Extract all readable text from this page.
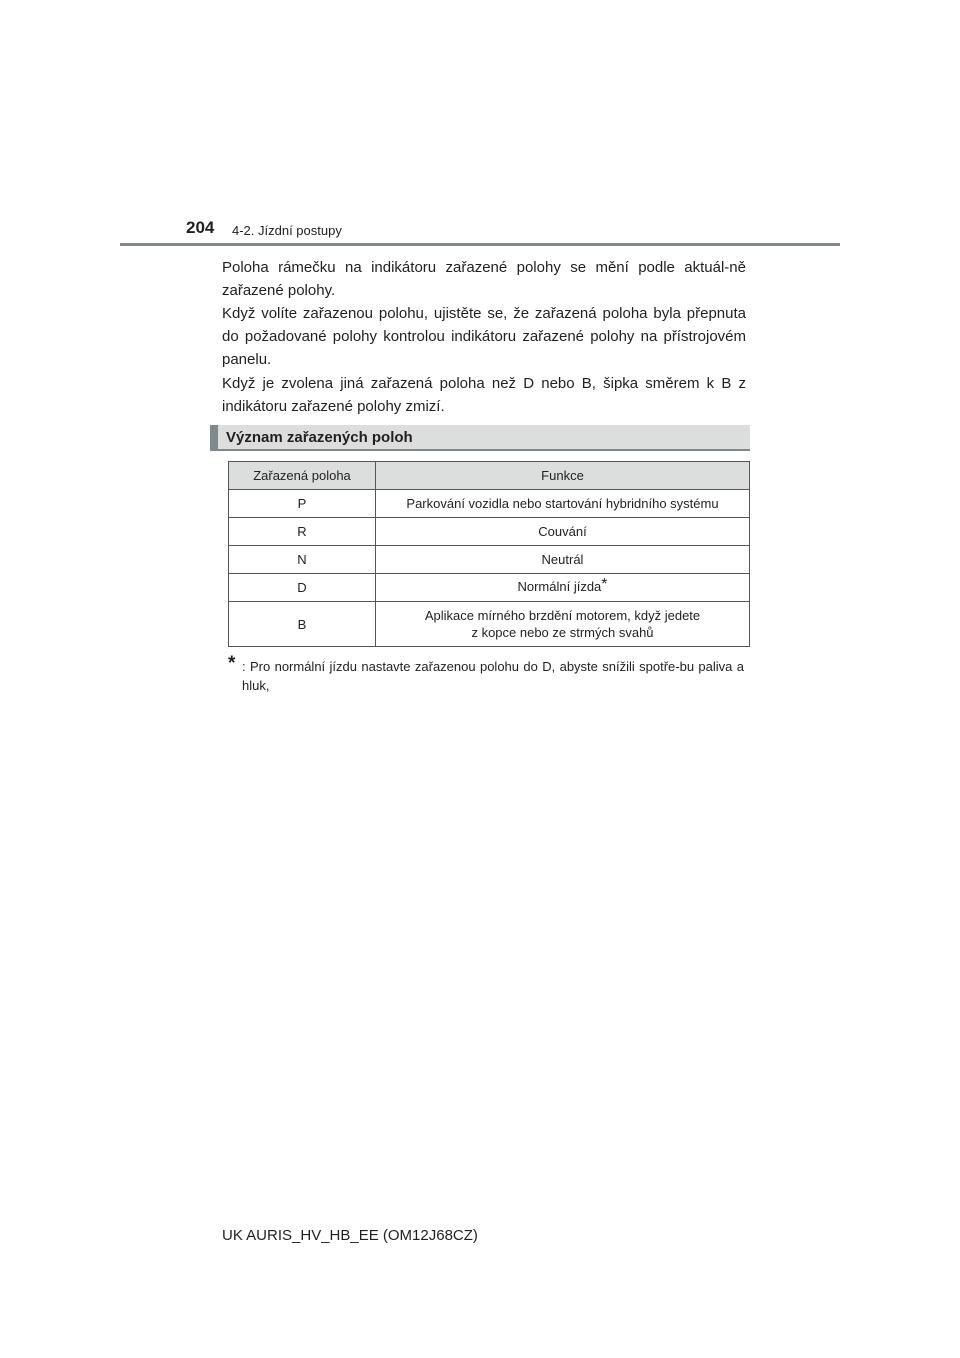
204 4-2. Jízdní postupy

Poloha rámečku na indikátoru zařazené polohy se mění podle aktuál-ně zařazené polohy.

Když volíte zařazenou polohu, ujistěte se, že zařazená poloha byla přepnuta do požadované polohy kontrolou indikátoru zařazené polohy na přístrojovém panelu.

Když je zvolena jiná zařazená poloha než D nebo B, šipka směrem k B z indikátoru zařazené polohy zmizí.

Význam zařazených poloh
Zařazená poloha	Funkce
P	Parkování vozidla nebo startování hybridního systému
R	Couvání
N	Neutrál
D	Normální jízda*
B	Aplikace mírného brzdění motorem, když jedete
z kopce nebo ze strmých svahů
* : Pro normální jízdu nastavte zařazenou polohu do D, abyste snížili spotře-bu paliva a hluk,
UK AURIS_HV_HB_EE (OM12J68CZ)
